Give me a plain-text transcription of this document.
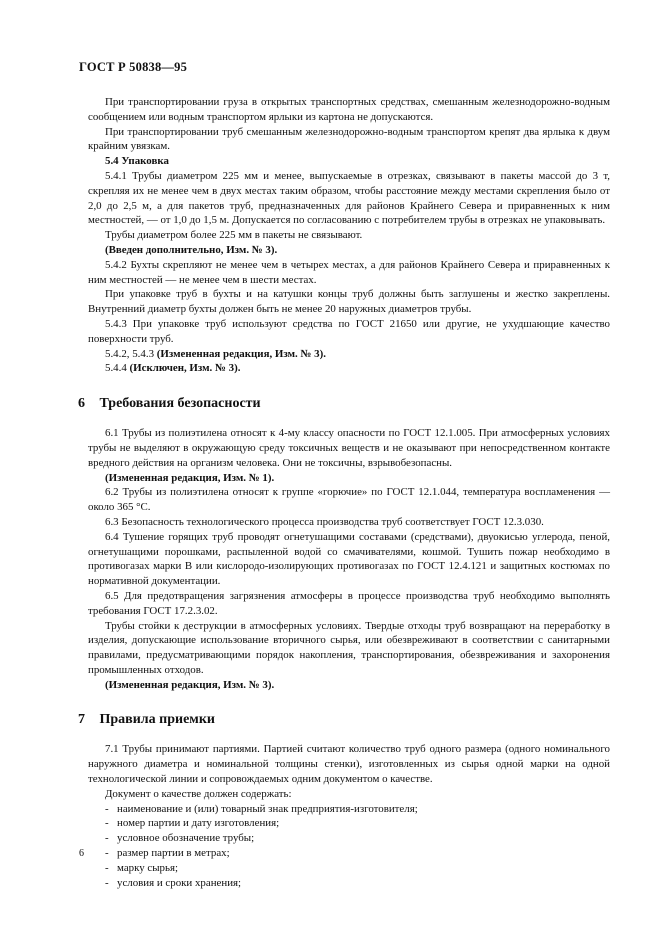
ГОСТ Р 50838—95

При транспортировании груза в открытых транспортных средствах, смешанным железнодорожно-водным сообщением или водным транспортом ярлыки из картона не допускаются.

При транспортировании труб смешанным железнодорожно-водным транспортом крепят два ярлыка к двум крайним увязкам.

5.4 Упаковка

5.4.1 Трубы диаметром 225 мм и менее, выпускаемые в отрезках, связывают в пакеты массой до 3 т, скрепляя их не менее чем в двух местах таким образом, чтобы расстояние между местами скрепления было от 2,0 до 2,5 м, а для пакетов труб, предназначенных для районов Крайнего Севера и приравненных к ним местностей, — от 1,0 до 1,5 м. Допускается по согласованию с потребителем трубы в отрезках не упаковывать.

Трубы диаметром более 225 мм в пакеты не связывают.

(Введен дополнительно, Изм. № 3).

5.4.2 Бухты скрепляют не менее чем в четырех местах, а для районов Крайнего Севера и приравненных к ним местностей — не менее чем в шести местах.

При упаковке труб в бухты и на катушки концы труб должны быть заглушены и жестко закреплены. Внутренний диаметр бухты должен быть не менее 20 наружных диаметров трубы.

5.4.3 При упаковке труб используют средства по ГОСТ 21650 или другие, не ухудшающие качество поверхности труб.

5.4.2, 5.4.3 (Измененная редакция, Изм. № 3).

5.4.4 (Исключен, Изм. № 3).

6 Требования безопасности

6.1 Трубы из полиэтилена относят к 4-му классу опасности по ГОСТ 12.1.005. При атмосферных условиях трубы не выделяют в окружающую среду токсичных веществ и не оказывают при непосредственном контакте вредного действия на организм человека. Они не токсичны, взрывобезопасны.

(Измененная редакция, Изм. № 1).

6.2 Трубы из полиэтилена относят к группе «горючие» по ГОСТ 12.1.044, температура воспламенения — около 365 °С.

6.3 Безопасность технологического процесса производства труб соответствует ГОСТ 12.3.030.

6.4 Тушение горящих труб проводят огнетушащими составами (средствами), двуокисью углерода, пеной, огнетушащими порошками, распыленной водой со смачивателями, кошмой. Тушить пожар необходимо в противогазах марки В или кислородо-изолирующих противогазах по ГОСТ 12.4.121 и защитных костюмах по нормативной документации.

6.5 Для предотвращения загрязнения атмосферы в процессе производства труб необходимо выполнять требования ГОСТ 17.2.3.02.

Трубы стойки к деструкции в атмосферных условиях. Твердые отходы труб возвращают на переработку в изделия, допускающие использование вторичного сырья, или обезвреживают в соответствии с санитарными правилами, предусматривающими порядок накопления, транспортирования, обезвреживания и захоронения промышленных отходов.

(Измененная редакция, Изм. № 3).

7 Правила приемки

7.1 Трубы принимают партиями. Партией считают количество труб одного размера (одного номинального наружного диаметра и номинальной толщины стенки), изготовленных из сырья одной марки на одной технологической линии и сопровождаемых одним документом о качестве.

Документ о качестве должен содержать:

- наименование и (или) товарный знак предприятия-изготовителя;

- номер партии и дату изготовления;

- условное обозначение трубы;

- размер партии в метрах;

- марку сырья;

- условия и сроки хранения;

6
